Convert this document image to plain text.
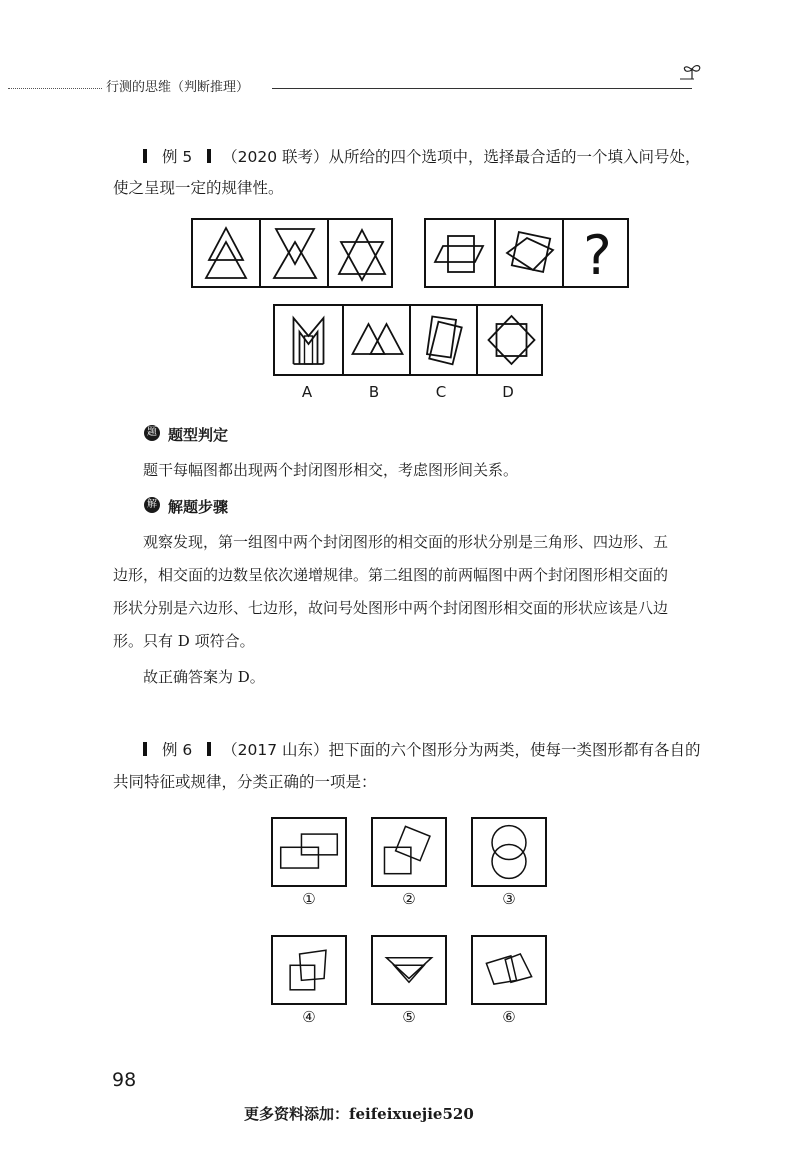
行测的思维（判断推理）
例 5 （2020 联考）从所给的四个选项中，选择最合适的一个填入问号处，
使之呈现一定的规律性。
?
A	B	C	D
题 题型判定
题干每幅图都出现两个封闭图形相交，考虑图形间关系。
解 解题步骤
观察发现，第一组图中两个封闭图形的相交面的形状分别是三角形、四边形、五
边形，相交面的边数呈依次递增规律。第二组图的前两幅图中两个封闭图形相交面的
形状分别是六边形、七边形，故问号处图形中两个封闭图形相交面的形状应该是八边
形。只有 D 项符合。
故正确答案为 D。
例 6 （2017 山东）把下面的六个图形分为两类，使每一类图形都有各自的
共同特征或规律，分类正确的一项是：
①	②	③
④	⑤	⑥
98
更多资料添加：feifeixuejie520
